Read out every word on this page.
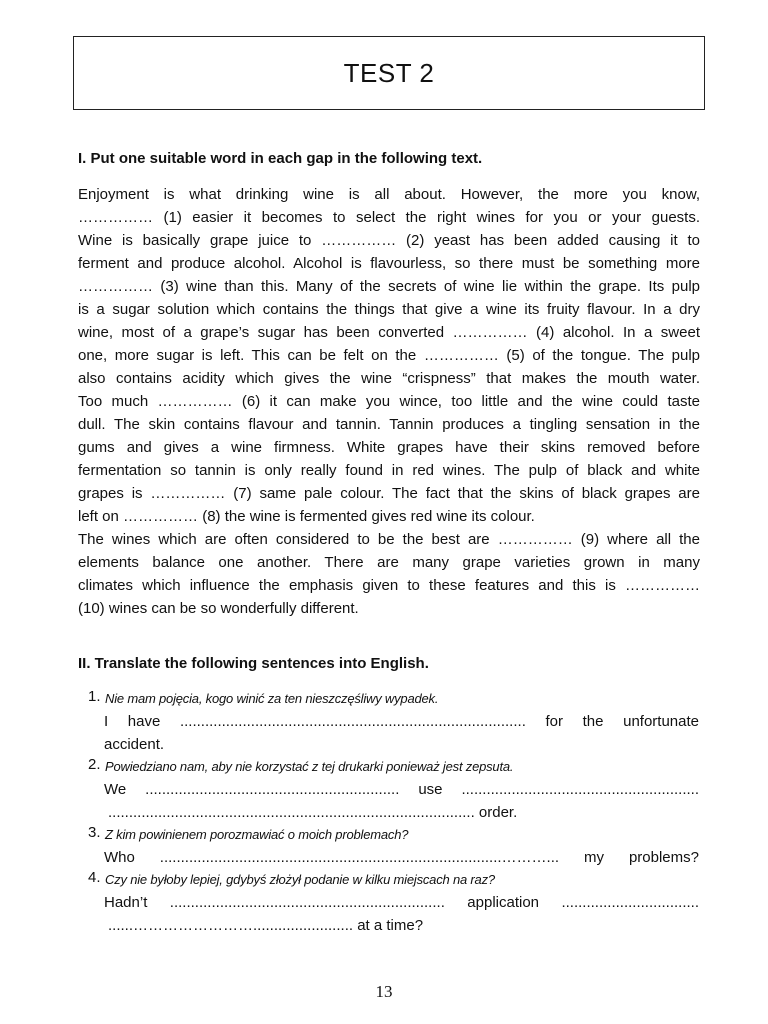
TEST 2
I. Put one suitable word in each gap in the following text.
Enjoyment is what drinking wine is all about. However, the more you know,
…………… (1) easier it becomes to select the right wines for you or your guests.
Wine is basically grape juice to …………… (2) yeast has been added causing it to
ferment and produce alcohol. Alcohol is flavourless, so there must be something more
…………… (3) wine than this. Many of the secrets of wine lie within the grape. Its pulp
is a sugar solution which contains the things that give a wine its fruity flavour. In a dry
wine, most of a grape’s sugar has been converted …………… (4) alcohol. In a sweet
one, more sugar is left. This can be felt on the …………… (5) of the tongue. The pulp
also contains acidity which gives the wine “crispness” that makes the mouth water.
Too much …………… (6) it can make you wince, too little and the wine could taste
dull. The skin contains flavour and tannin. Tannin produces a tingling sensation in the
gums and gives a wine firmness. White grapes have their skins removed before
fermentation so tannin is only really found in red wines. The pulp of black and white
grapes is …………… (7) same pale colour. The fact that the skins of black grapes are
left on …………… (8) the wine is fermented gives red wine its colour.
The wines which are often considered to be the best are …………… (9) where all the
elements balance one another. There are many grape varieties grown in many
climates which influence the emphasis given to these features and this is ……………
(10) wines can be so wonderfully different.
II. Translate the following sentences into English.
1. Nie mam pojęcia, kogo winić za ten nieszczęśliwy wypadek.
I have ................................................................................... for the unfortunate
accident.
2. Powiedziano nam, aby nie korzystać z tej drukarki ponieważ jest zepsuta.
We ............................................................. use .........................................................
........................................................................................ order.
3. Z kim powinienem porozmawiać o moich problemach?
Who ..................................................................................………... my problems?
4. Czy nie byłoby lepiej, gdybyś złożył podanie w kilku miejscach na raz?
Hadn’t .................................................................. application .................................
......……………………........................ at a time?
13
